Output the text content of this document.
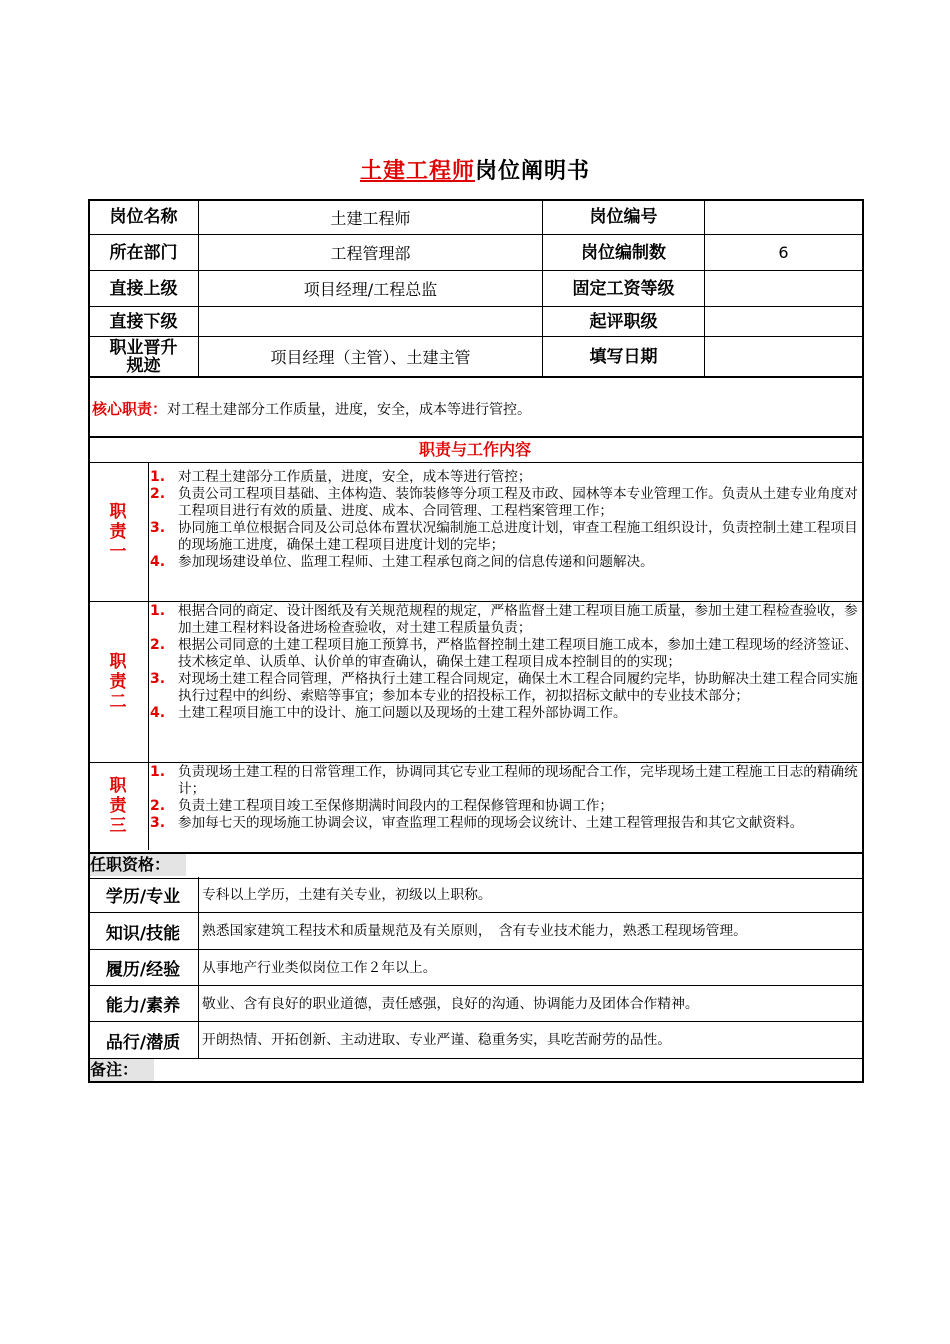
土建工程师岗位阐明书
岗位名称	土建工程师	岗位编号	
所在部门	工程管理部	岗位编制数	6
直接上级	项目经理/工程总监	固定工资等级	
直接下级		起评职级	

职业晋升
规迹	项目经理（主管）、土建主管	填写日期	
核心职责：对工程土建部分工作质量，进度，安全，成本等进行管控。
职责与工作内容
职
责
一
1. 对工程土建部分工作质量，进度，安全，成本等进行管控；
2. 负责公司工程项目基础、主体构造、装饰装修等分项工程及市政、园林等本专业管理工作。负责从土建专业角度对工程项目进行有效的质量、进度、成本、合同管理、工程档案管理工作；
3. 协同施工单位根据合同及公司总体布置状况编制施工总进度计划，审查工程施工组织设计，负责控制土建工程项目的现场施工进度，确保土建工程项目进度计划的完毕；
4. 参加现场建设单位、监理工程师、土建工程承包商之间的信息传递和问题解决。
职
责
二
1. 根据合同的商定、设计图纸及有关规范规程的规定，严格监督土建工程项目施工质量，参加土建工程检查验收，参加土建工程材料设备进场检查验收，对土建工程质量负责；
2. 根据公司同意的土建工程项目施工预算书，严格监督控制土建工程项目施工成本，参加土建工程现场的经济签证、技术核定单、认质单、认价单的审查确认，确保土建工程项目成本控制目的的实现；
3. 对现场土建工程合同管理，严格执行土建工程合同规定，确保土木工程合同履约完毕，协助解决土建工程合同实施执行过程中的纠纷、索赔等事宜；参加本专业的招投标工作，初拟招标文献中的专业技术部分；
4. 土建工程项目施工中的设计、施工问题以及现场的土建工程外部协调工作。
职
责
三
1. 负责现场土建工程的日常管理工作，协调同其它专业工程师的现场配合工作，完毕现场土建工程施工日志的精确统计；
2. 负责土建工程项目竣工至保修期满时间段内的工程保修管理和协调工作；
3. 参加每七天的现场施工协调会议，审查监理工程师的现场会议统计、土建工程管理报告和其它文献资料。
任职资格：
学历/专业	专科以上学历，土建有关专业，初级以上职称。
知识/技能	熟悉国家建筑工程技术和质量规范及有关原则，　含有专业技术能力，熟悉工程现场管理。
履历/经验	从事地产行业类似岗位工作２年以上。
能力/素养	敬业、含有良好的职业道德，责任感强，良好的沟通、协调能力及团体合作精神。
品行/潜质	开朗热情、开拓创新、主动进取、专业严谨、稳重务实，具吃苦耐劳的品性。
备注：
